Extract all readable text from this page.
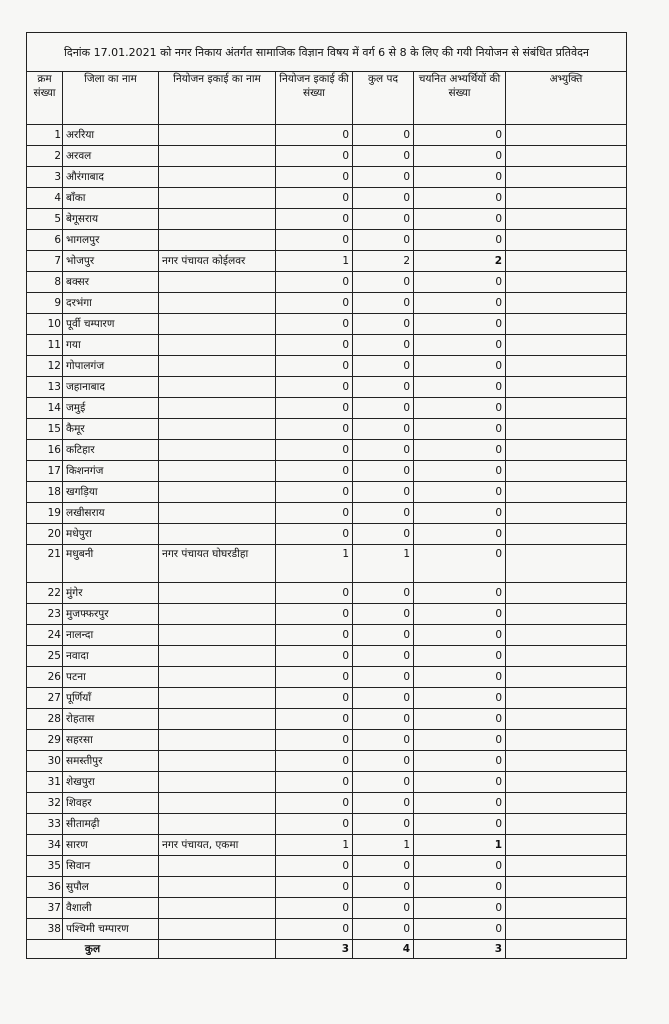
दिनांक 17.01.2021 को नगर निकाय अंतर्गत सामाजिक विज्ञान विषय में वर्ग 6 से 8 के लिए की गयी नियोजन से संबंधित प्रतिवेदन						
क्रम संख्या	जिला का नाम	नियोजन इकाई का नाम	नियोजन इकाई की संख्या	कुल पद	चयनित अभ्यर्थियों की संख्या	अभ्युक्ति
1	अररिया		0	0	0	
2	अरवल		0	0	0	
3	औरंगाबाद		0	0	0	
4	बाँका		0	0	0	
5	बेगूसराय		0	0	0	
6	भागलपुर		0	0	0	
7	भोजपुर	नगर पंचायत कोईलवर	1	2	2	
8	बक्सर		0	0	0	
9	दरभंगा		0	0	0	
10	पूर्वी चम्पारण		0	0	0	
11	गया		0	0	0	
12	गोपालगंज		0	0	0	
13	जहानाबाद		0	0	0	
14	जमुई		0	0	0	
15	कैमूर		0	0	0	
16	कटिहार		0	0	0	
17	किशनगंज		0	0	0	
18	खगड़िया		0	0	0	
19	लखीसराय		0	0	0	
20	मधेपुरा		0	0	0	
21	मधुबनी	नगर पंचायत घोघरडीहा	1	1	0	
22	मुंगेर		0	0	0	
23	मुजफ्फरपुर		0	0	0	
24	नालन्दा		0	0	0	
25	नवादा		0	0	0	
26	पटना		0	0	0	
27	पूर्णियाँ		0	0	0	
28	रोहतास		0	0	0	
29	सहरसा		0	0	0	
30	समस्तीपुर		0	0	0	
31	शेखपुरा		0	0	0	
32	शिवहर		0	0	0	
33	सीतामढ़ी		0	0	0	
34	सारण	नगर पंचायत, एकमा	1	1	1	
35	सिवान		0	0	0	
36	सुपौल		0	0	0	
37	वैशाली		0	0	0	
38	पश्चिमी चम्पारण		0	0	0	
कुल			3	4	3	
